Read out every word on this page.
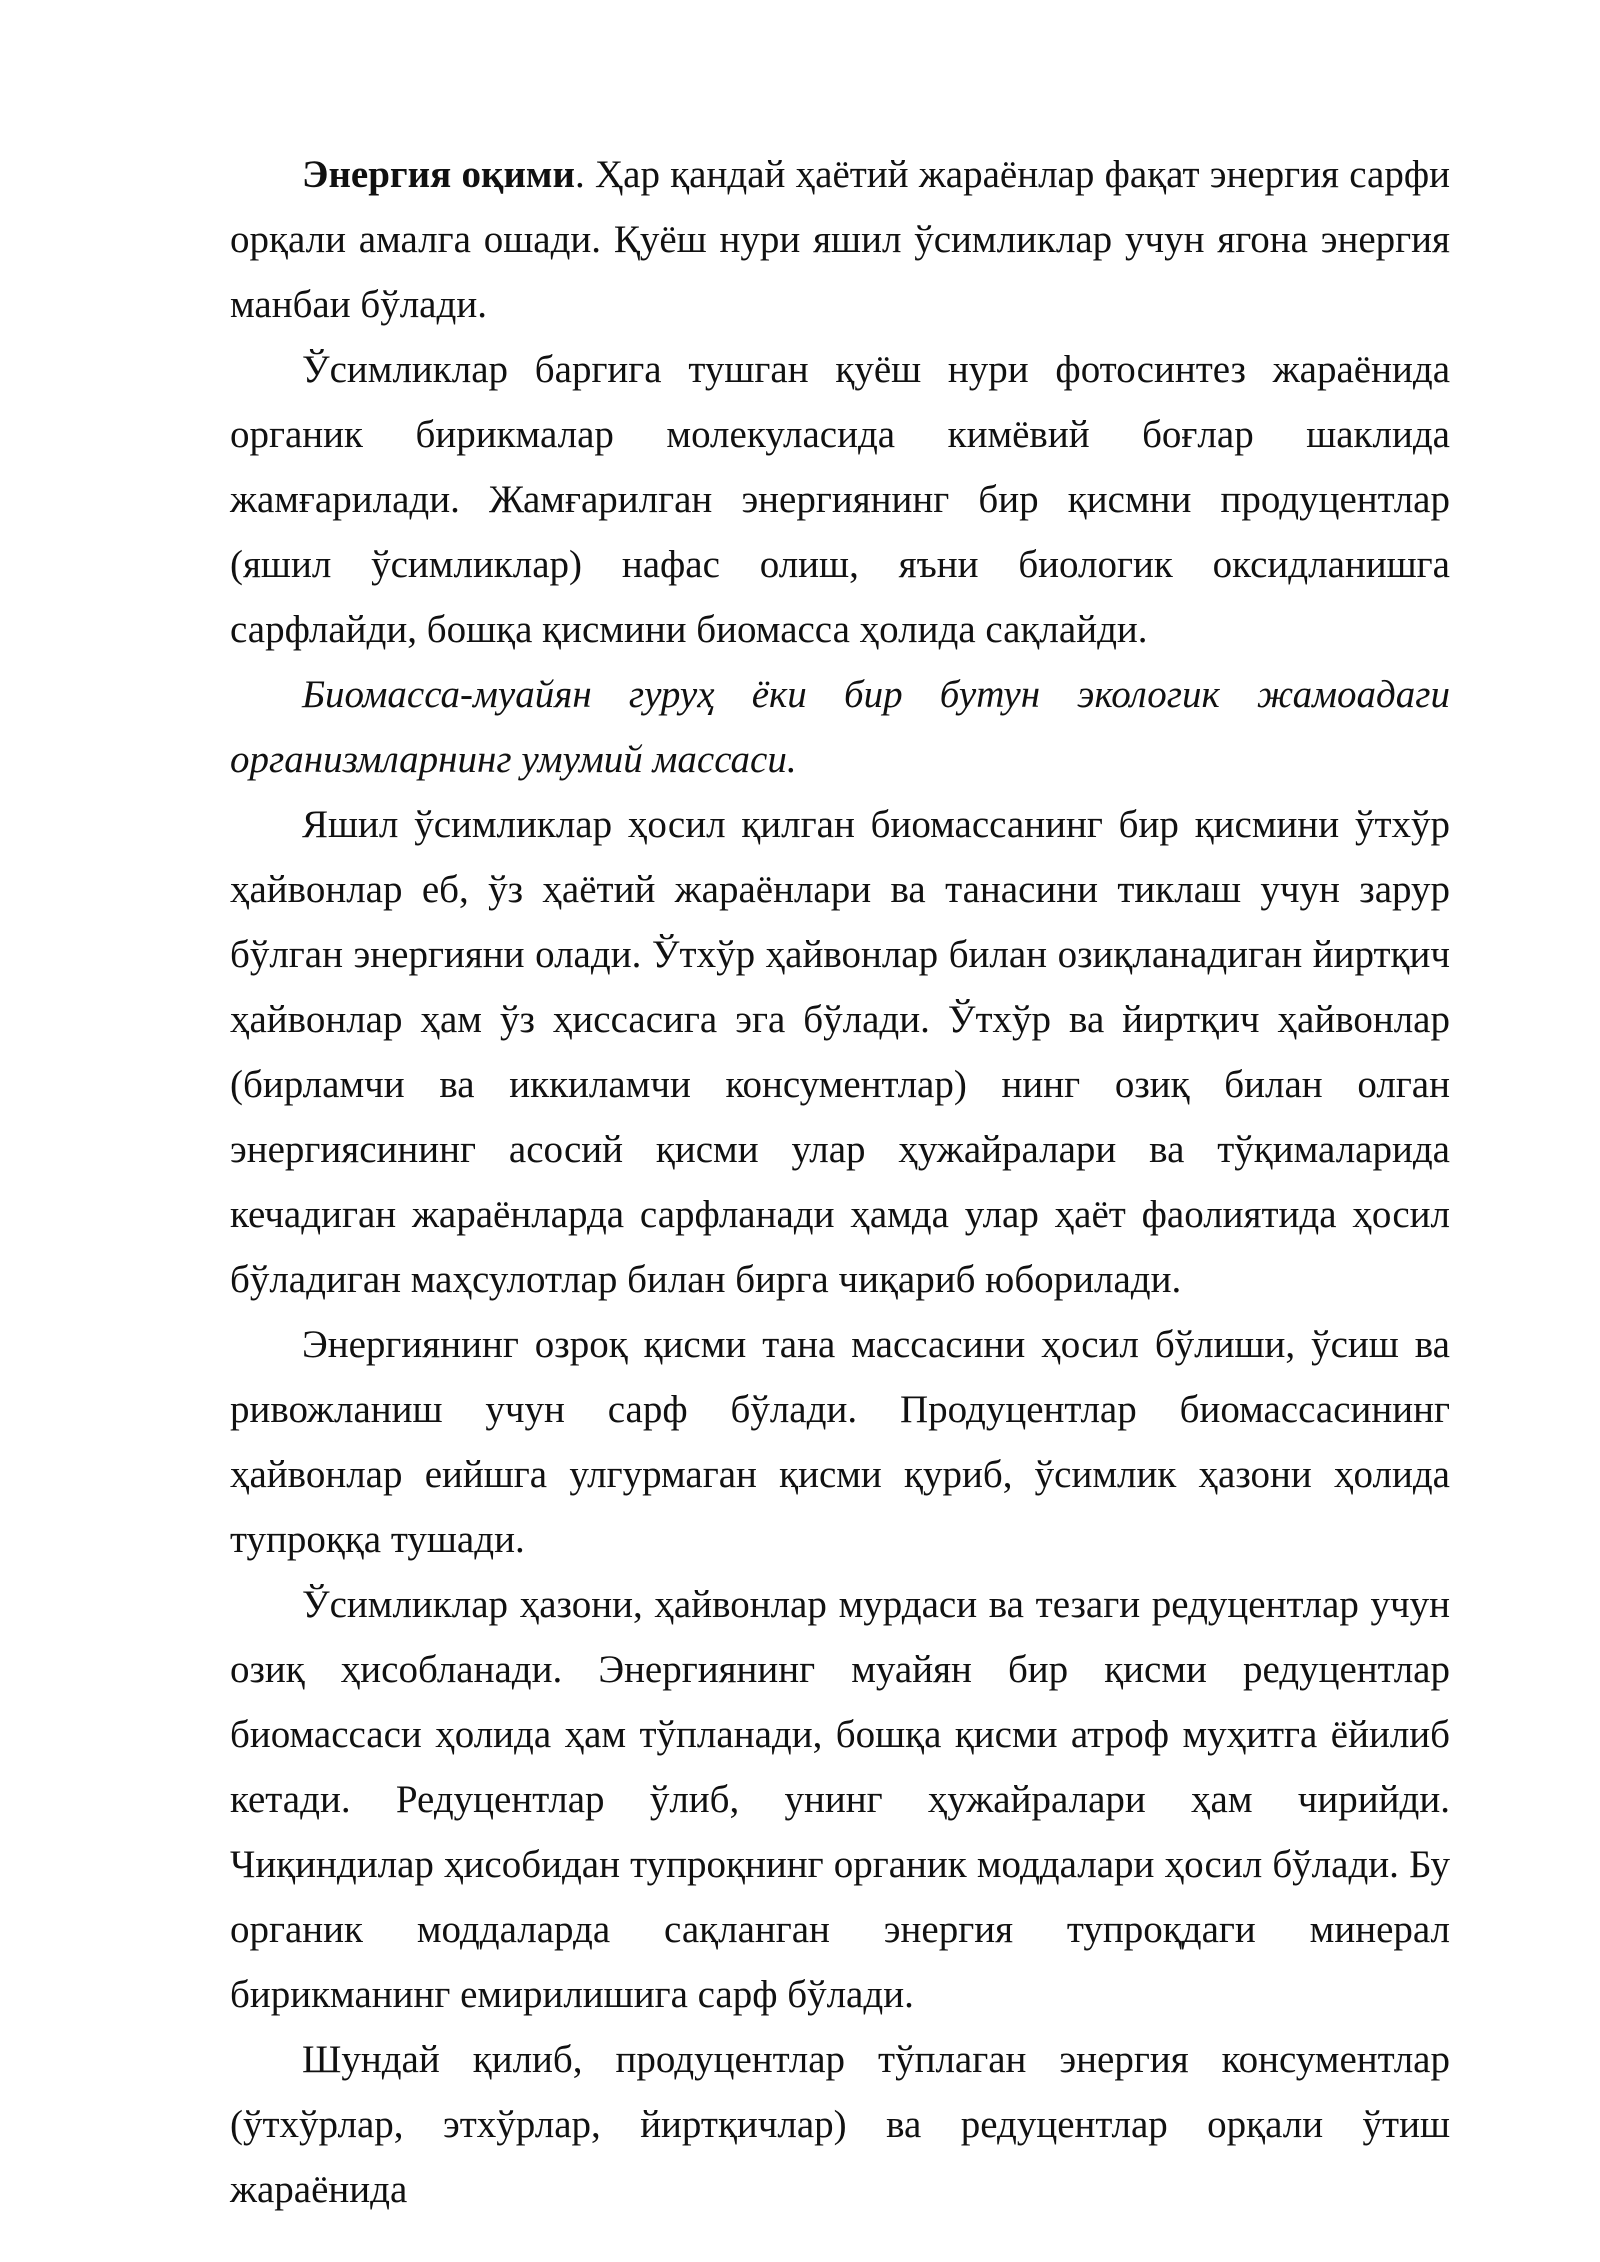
Энергия оқими. Ҳар қандай ҳаётий жараёнлар фақат энергия сарфи орқали амалга ошади. Қуёш нури яшил ўсимликлар учун ягона энергия манбаи бўлади.

Ўсимликлар баргига тушган қуёш нури фотосинтез жараёнида органик бирикмалар молекуласида кимёвий боғлар шаклида жамғарилади. Жамғарилган энергиянинг бир қисмни продуцентлар (яшил ўсимликлар) нафас олиш, яъни биологик оксидланишга сарфлайди, бошқа қисмини биомасса ҳолида сақлайди.

Биомасса-муайян гуруҳ ёки бир бутун экологик жамоадаги организмларнинг умумий массаси.

Яшил ўсимликлар ҳосил қилган биомассанинг бир қисмини ўтхўр ҳайвонлар еб, ўз ҳаётий жараёнлари ва танасини тиклаш учун зарур бўлган энергияни олади. Ўтхўр ҳайвонлар билан озиқланадиган йиртқич ҳайвонлар ҳам ўз ҳиссасига эга бўлади. Ўтхўр ва йиртқич ҳайвонлар (бирламчи ва иккиламчи консументлар) нинг озиқ билан олган энергиясининг асосий қисми улар ҳужайралари ва тўқималарида кечадиган жараёнларда сарфланади ҳамда улар ҳаёт фаолиятида ҳосил бўладиган маҳсулотлар билан бирга чиқариб юборилади.

Энергиянинг озроқ қисми тана массасини ҳосил бўлиши, ўсиш ва ривожланиш учун сарф бўлади. Продуцентлар биомассасининг ҳайвонлар еийшга улгурмаган қисми қуриб, ўсимлик ҳазони ҳолида тупроққа тушади.

Ўсимликлар ҳазони, ҳайвонлар мурдаси ва тезаги редуцентлар учун озиқ ҳисобланади. Энергиянинг муайян бир қисми редуцентлар биомассаси ҳолида ҳам тўпланади, бошқа қисми атроф муҳитга ёйилиб кетади. Редуцентлар ўлиб, унинг ҳужайралари ҳам чирийди. Чиқиндилар ҳисобидан тупроқнинг органик моддалари ҳосил бўлади. Бу органик моддаларда сақланган энергия тупроқдаги минерал бирикманинг емирилишига сарф бўлади.

Шундай қилиб, продуцентлар тўплаган энергия консументлар (ўтхўрлар, этхўрлар, йиртқичлар) ва редуцентлар орқали ўтиш жараёнида
